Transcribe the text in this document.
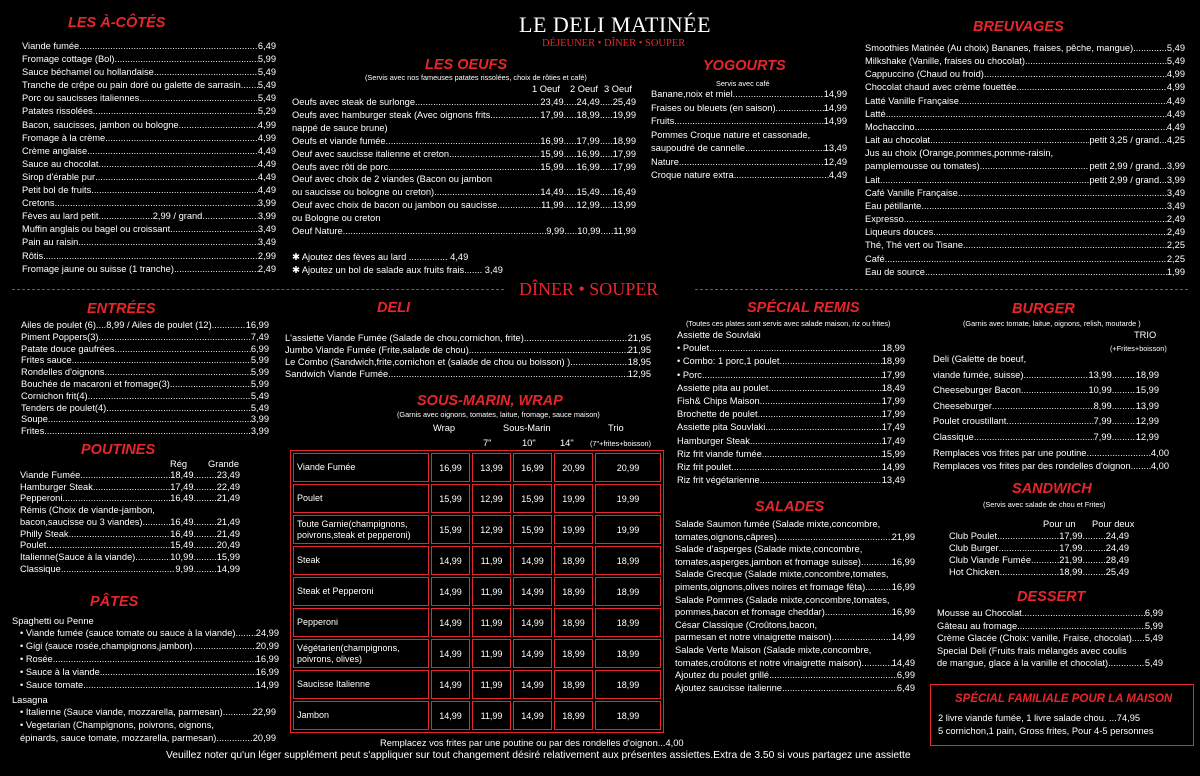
LE DELI MATINÉE
DÉJEUNER • DÎNER • SOUPER
DÎNER • SOUPER
LES À-CÔTÉS
Viande fumée .....	6,49
Fromage cottage (Bol) .....	5,99
Sauce béchamel ou hollandaise .....	5,49
Tranche de crêpe ou pain doré ou galette de sarrasin ..... 5,49
Porc ou saucisses italiennes .....	5,49
Patates rissolées .....	5,29
Bacon, saucisses, jambon ou bologne .....	4,99
Fromage à la crème .....	4,99
Crème anglaise .....	4,49
Sauce au chocolat .....	4,49
Sirop d'érable pur .....	4,49
Petit bol de fruits .....	4,49
Cretons .....	3,99
Fèves au lard petit.....................2,99 / grand .....	3,99
Muffin anglais ou bagel ou croissant .....	3,49
Pain au raisin .....	3,49
Rôtis .....	2,99
Fromage jaune ou suisse (1 tranche) .....	2,49
LES OEUFS
(Servis avec nos fameuses patates rissolées, choix de rôties et café)
1 Oeuf 2 Oeuf 3 Oeuf
Oeufs avec steak de surlonge .....	23,49.....24,49.....25,49
Oeufs avec hamburger steak (Avec oignons frits .....	17,99.....18,99.....19,99
nappé de sauce brune)
Oeufs et viande fumée .....	16,99.....17,99.....18,99
Oeuf avec saucisse italienne et creton .....	15,99.....16,99.....17,99
Oeufs avec rôti de porc .....	15,99.....16,99.....17,99
Oeuf avec choix de 2 viandes (Bacon ou jambon
ou saucisse ou bologne ou creton) .....	14,49.....15,49.....16,49
Oeuf avec choix de bacon ou jambon ou saucisse .....	11,99.....12,99.....13,99
ou Bologne ou creton
Oeuf Nature .....	9,99.....10,99.....11,99
✱ Ajoutez des fèves au lard ............... 4,49
✱ Ajoutez un bol de salade aux fruits frais....... 3,49
YOGOURTS
Servis avec café
Banane,noix et miel .....	14,99
Fraises ou bleuets (en saison) .....	14,99
Fruits .....	14,99
Pommes Croque nature et cassonade,
saupoudré de cannelle .....	13,49
Nature .....	12,49
Croque nature extra .....	4,49
BREUVAGES
Smoothies Matinée (Au choix) Bananes, fraises, pêche, mangue) .....	5,49
Milkshake (Vanille, fraises ou chocolat) .....	5,49
Cappuccino (Chaud ou froid) .....	4,99
Chocolat chaud avec crème fouettée .....	4,99
Latté Vanille Française .....	4,49
Latté .....	4,49
Mochaccino .....	4,49
Lait au chocolat .....	petit 3,25 / grand... 4,25
Jus au choix (Orange,pommes,pomme-raisin,
pamplemousse ou tomates) .....	petit 2,99 / grand... 3,99
Lait .....	petit 2,99 / grand... 3,99
Café Vanille Française .....	3,49
Eau pétillante .....	3,49
Expresso .....	2,49
Liqueurs douces .....	2,49
Thé, Thé vert ou Tisane .....	2,25
Café .....	2,25
Eau de source .....	1,99
ENTRÉES
Ailes de poulet (6)....8,99 / Ailes de poulet (12) .....	16,99
Piment Poppers(3) .....	7,49
Patate douce gaufrées .....	6,99
Frites sauce .....	5,99
Rondelles d'oignons .....	5,99
Bouchée de macaroni et fromage(3) .....	5,99
Cornichon frit(4) .....	5,49
Tenders de poulet(4) .....	5,49
Soupe .....	3,99
Frites .....	3,99
POUTINES
Rég Grande
Viande Fumée .....	18,49.........23,49
Hamburger Steak .....	17,49.........22,49
Pepperoni .....	16,49.........21,49
Rémis (Choix de viande-jambon,
bacon,saucisse ou 3 viandes) .....	16,49.........21,49
Philly Steak .....	16,49.........21,49
Poulet .....	15,49.........20,49
Italienne(Sauce à la viande) .....	10,99.........15,99
Classique .....	9,99.........14,99
PÂTES
Spaghetti ou Penne
• Viande fumée (sauce tomate ou sauce à la viande).. ..... 24,99
• Gigi (sauce rosée,champignons,jambon) .....	20,99
• Rosée .....	16,99
• Sauce à la viande .....	16,99
• Sauce tomate .....	14,99
Lasagna
• Italienne (Sauce viande, mozzarella, parmesan) .....	22,99
• Vegetarian (Champignons, poivrons, oignons,
épinards, sauce tomate, mozzarella, parmesan) .....	20,99
DELI
L'assiette Viande Fumée (Salade de chou,cornichon, frite) .....	21,95
Jumbo Viande Fumée (Frite,salade de chou) .....	21,95
Le Combo (Sandwich,frite,cornichon et (salade de chou ou boisson) ) .....	18,95
Sandwich Viande Fumée .....	12,95
SOUS-MARIN, WRAP
(Garnis avec oignons, tomates, laitue, fromage, sauce maison)
Wrap	Sous-Marin	Trio
7"	10"	14" (7"+frites+boisson)
Viande Fumée	16,99	13,99	16,99	20,99	20,99
Poulet	15,99	12,99	15,99	19,99	19,99
Toute Garnie(champignons, poivrons,steak et pepperoni)	15,99	12,99	15,99	19,99	19,99
Steak	14,99	11,99	14,99	18,99	18,99
Steak et Pepperoni	14,99	11,99	14,99	18,99	18,99
Pepperoni	14,99	11,99	14,99	18,99	18,99
Végétarien(champignons, poivrons, olives)	14,99	11,99	14,99	18,99	18,99
Saucisse Italienne	14,99	11,99	14,99	18,99	18,99
Jambon	14,99	11,99	14,99	18,99	18,99
Remplacez vos frites par une poutine ou par des rondelles d'oignon...4,00
SPÉCIAL REMIS
(Toutes ces plates sont servis avec salade maison, riz ou frites)
Assiette de Souvlaki
• Poulet .....	18,99
• Combo: 1 porc,1 poulet .....	18,99
• Porc .....	17,99
Assiette pita au poulet .....	18,49
Fish& Chips Maison .....	17,99
Brochette de poulet .....	17,99
Assiette pita Souvlaki .....	17,49
Hamburger Steak .....	17,49
Riz frit viande fumée .....	15,99
Riz frit poulet .....	14,99
Riz frit végétarienne .....	13,49
SALADES
Salade Saumon fumée (Salade mixte,concombre,
tomates,oignons,câpres) .....	21,99
Salade d'asperges (Salade mixte,concombre,
tomates,asperges,jambon et fromage suisse) .....	16,99
Salade Grecque (Salade mixte,concombre,tomates,
piments,oignons,olives noires et fromage fêta) .....	16,99
Salade Pommes (Salade mixte,concombre,tomates,
pommes,bacon et fromage cheddar) .....	16,99
César Classique (Croûtons,bacon,
parmesan et notre vinaigrette maison) .....	14,99
Salade Verte Maison (Salade mixte,concombre,
tomates,croûtons et notre vinaigrette maison) .....	14,49
Ajoutez du poulet grillé .....	6,99
Ajoutez saucisse italienne .....	6,49
BURGER
(Garnis avec tomate, laitue, oignons, relish, moutarde )
TRIO
(+Frites+boisson)
Deli (Galette de boeuf,
viande fumée, suisse) .....	13,99 .....	18,99
Cheeseburger Bacon .....	10,99 .....	15,99
Cheeseburger .....	8,99 .....	13,99
Poulet croustillant .....	7,99 .....	12,99
Classique .....	7,99 .....	12,99
Remplaces vos frites par une poutine .....	4,00
Remplaces vos frites par des rondelles d'oignon... ..... 4,00
SANDWICH
(Servis avec salade de chou et Frites)
Pour un Pour deux
Club Poulet .....	17,99.........24,49
Club Burger .....	17,99.........24,49
Club Viande Fumée .....	21,99.........28,49
Hot Chicken .....	18,99.........25,49
DESSERT
Mousse au Chocolat .....	6,99
Gâteau au fromage .....	5,99
Crème Glacée (Choix: vanille, Fraise, chocolat) ..... 5,49
Special Deli (Fruits frais mélangés avec coulis
de mangue, glace à la vanille et chocolat) .....	5,49
SPÉCIAL FAMILIALE POUR LA MAISON
2 livre viande fumée, 1 livre salade chou. ...74,95
5 cornichon,1 pain, Gross frites, Pour 4-5 personnes
Veuillez noter qu'un léger supplément peut s'appliquer sur tout changement désiré relativement aux présentes assiettes.Extra de 3.50 si vous partagez une assiette
